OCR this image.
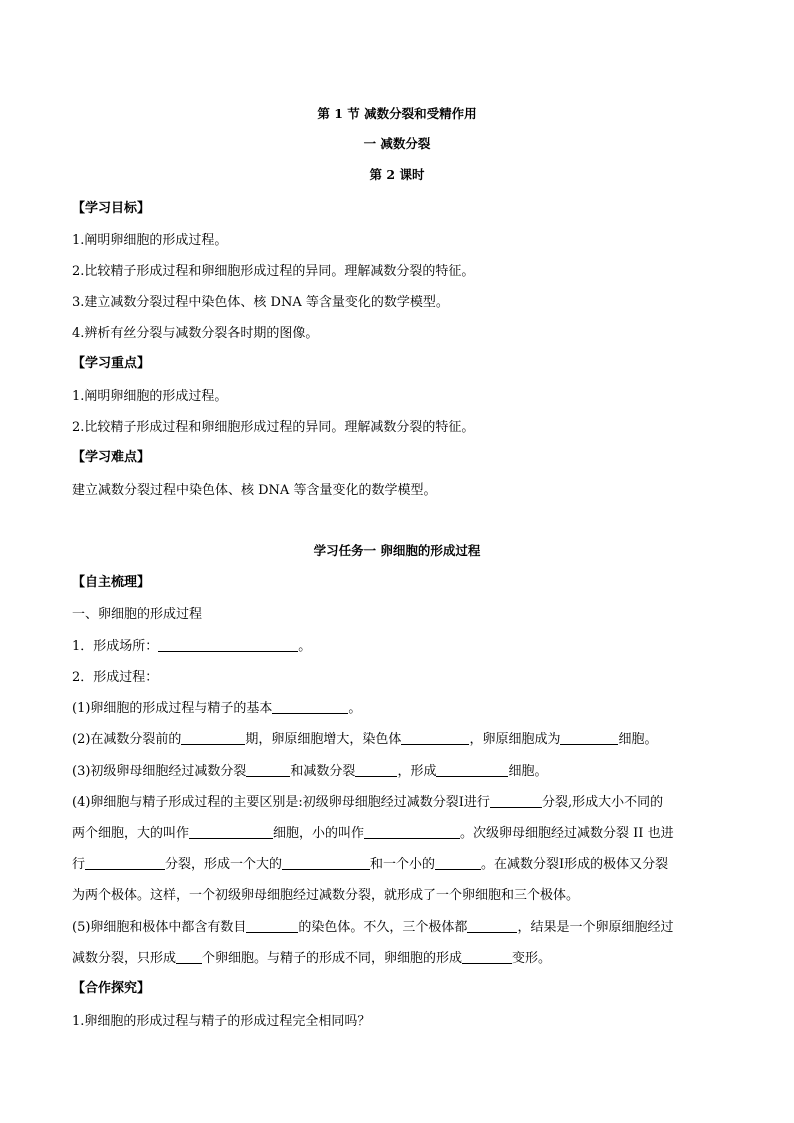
第 1 节 减数分裂和受精作用
一 减数分裂
第 2 课时
【学习目标】
1.阐明卵细胞的形成过程。
2.比较精子形成过程和卵细胞形成过程的异同。理解减数分裂的特征。
3.建立减数分裂过程中染色体、核 DNA 等含量变化的数学模型。
4.辨析有丝分裂与减数分裂各时期的图像。
【学习重点】
1.阐明卵细胞的形成过程。
2.比较精子形成过程和卵细胞形成过程的异同。理解减数分裂的特征。
【学习难点】
建立减数分裂过程中染色体、核 DNA 等含量变化的数学模型。
学习任务一 卵细胞的形成过程
【自主梳理】
一、卵细胞的形成过程
1．形成场所：	。
2．形成过程：
(1)卵细胞的形成过程与精子的基本	。
(2)在减数分裂前的	期，卵原细胞增大，染色体	，卵原细胞成为	细胞。
(3)初级卵母细胞经过减数分裂	和减数分裂	，形成	细胞。
(4)卵细胞与精子形成过程的主要区别是:初级卵母细胞经过减数分裂Ⅰ进行	分裂,形成大小不同的
两个细胞，大的叫作	细胞，小的叫作	。次级卵母细胞经过减数分裂 II 也进
行	分裂，形成一个大的	和一个小的	。在减数分裂Ⅰ形成的极体又分裂
为两个极体。这样，一个初级卵母细胞经过减数分裂，就形成了一个卵细胞和三个极体。
(5)卵细胞和极体中都含有数目	的染色体。不久，三个极体都	，结果是一个卵原细胞经过
减数分裂，只形成 个卵细胞。与精子的形成不同，卵细胞的形成	变形。
【合作探究】
1.卵细胞的形成过程与精子的形成过程完全相同吗？
